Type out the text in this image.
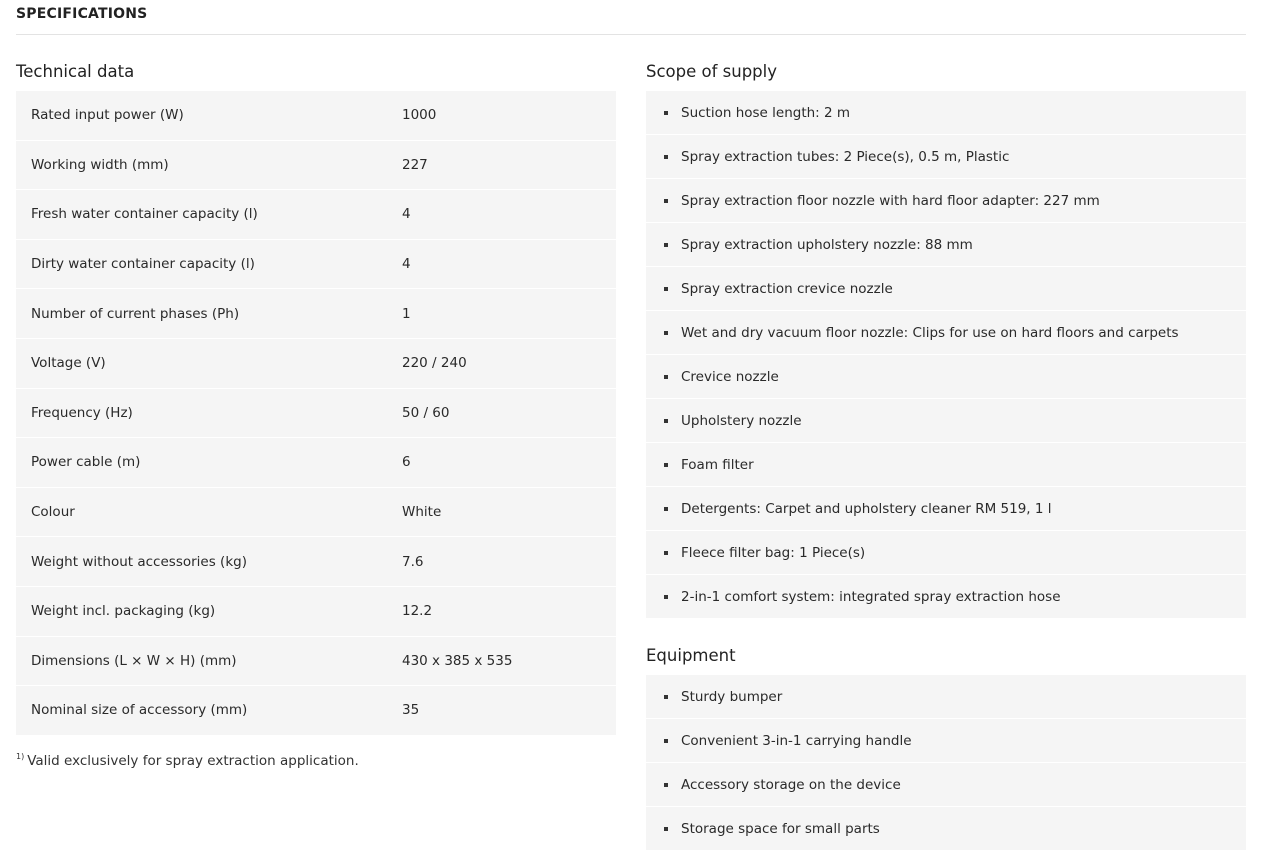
SPECIFICATIONS
Technical data
Rated input power (W)	1000
Working width (mm)	227
Fresh water container capacity (l)	4
Dirty water container capacity (l)	4
Number of current phases (Ph)	1
Voltage (V)	220 / 240
Frequency (Hz)	50 / 60
Power cable (m)	6
Colour	White
Weight without accessories (kg)	7.6
Weight incl. packaging (kg)	12.2
Dimensions (L × W × H) (mm)	430 x 385 x 535
Nominal size of accessory (mm)	35
$^{1)}$ Valid exclusively for spray extraction application.
Scope of supply
Suction hose length: 2 m
Spray extraction tubes: 2 Piece(s), 0.5 m, Plastic
Spray extraction floor nozzle with hard floor adapter: 227 mm
Spray extraction upholstery nozzle: 88 mm
Spray extraction crevice nozzle
Wet and dry vacuum floor nozzle: Clips for use on hard floors and carpets
Crevice nozzle
Upholstery nozzle
Foam filter
Detergents: Carpet and upholstery cleaner RM 519, 1 l
Fleece filter bag: 1 Piece(s)
2-in-1 comfort system: integrated spray extraction hose
Equipment
Sturdy bumper
Convenient 3-in-1 carrying handle
Accessory storage on the device
Storage space for small parts
